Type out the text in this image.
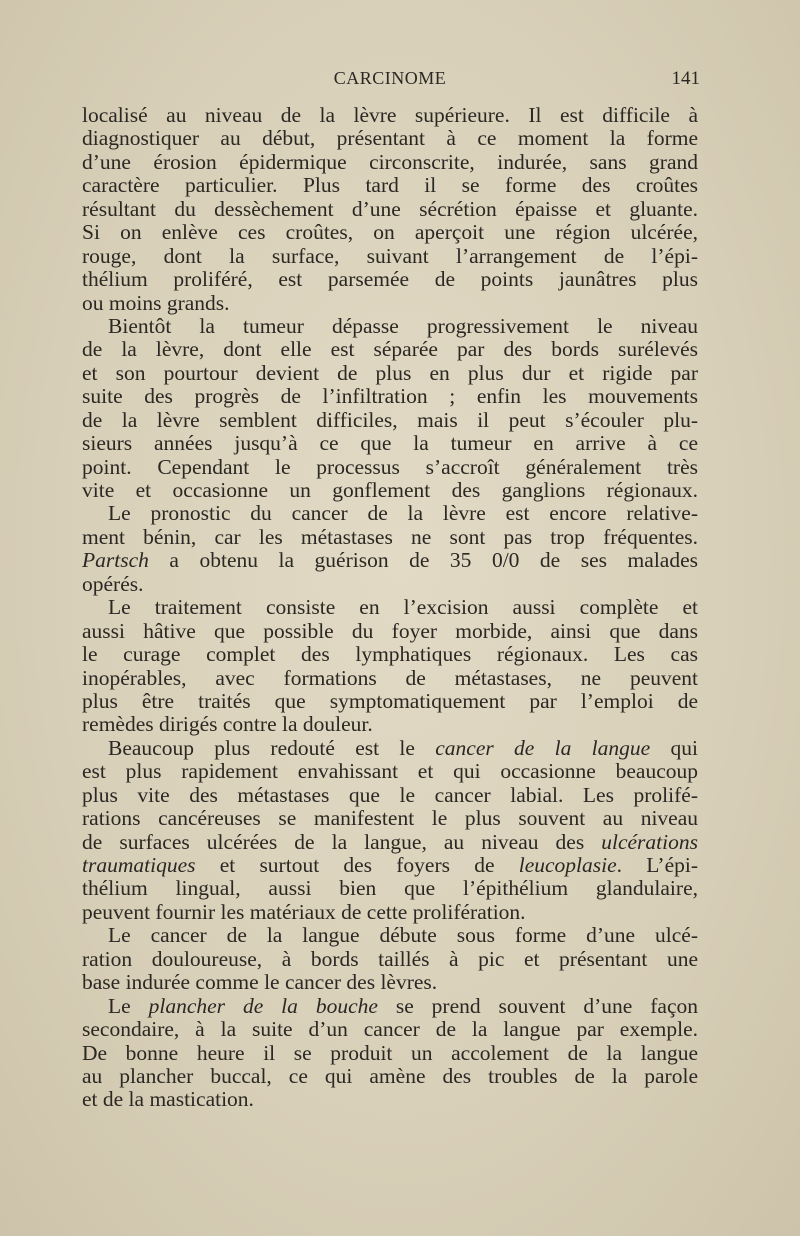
CARCINOME	141
localisé au niveau de la lèvre supérieure. Il est difficile à
diagnostiquer au début, présentant à ce moment la forme
d’une érosion épidermique circonscrite, indurée, sans grand
caractère particulier. Plus tard il se forme des croûtes
résultant du dessèchement d’une sécrétion épaisse et gluante.
Si on enlève ces croûtes, on aperçoit une région ulcérée,
rouge, dont la surface, suivant l’arrangement de l’épi-
thélium proliféré, est parsemée de points jaunâtres plus
ou moins grands.
Bientôt la tumeur dépasse progressivement le niveau
de la lèvre, dont elle est séparée par des bords surélevés
et son pourtour devient de plus en plus dur et rigide par
suite des progrès de l’infiltration ; enfin les mouvements
de la lèvre semblent difficiles, mais il peut s’écouler plu-
sieurs années jusqu’à ce que la tumeur en arrive à ce
point. Cependant le processus s’accroît généralement très
vite et occasionne un gonflement des ganglions régionaux.
Le pronostic du cancer de la lèvre est encore relative-
ment bénin, car les métastases ne sont pas trop fréquentes.
Partsch a obtenu la guérison de 35 0/0 de ses malades
opérés.
Le traitement consiste en l’excision aussi complète et
aussi hâtive que possible du foyer morbide, ainsi que dans
le curage complet des lymphatiques régionaux. Les cas
inopérables, avec formations de métastases, ne peuvent
plus être traités que symptomatiquement par l’emploi de
remèdes dirigés contre la douleur.
Beaucoup plus redouté est le cancer de la langue qui
est plus rapidement envahissant et qui occasionne beaucoup
plus vite des métastases que le cancer labial. Les prolifé-
rations cancéreuses se manifestent le plus souvent au niveau
de surfaces ulcérées de la langue, au niveau des ulcérations
traumatiques et surtout des foyers de leucoplasie. L’épi-
thélium lingual, aussi bien que l’épithélium glandulaire,
peuvent fournir les matériaux de cette prolifération.
Le cancer de la langue débute sous forme d’une ulcé-
ration douloureuse, à bords taillés à pic et présentant une
base indurée comme le cancer des lèvres.
Le plancher de la bouche se prend souvent d’une façon
secondaire, à la suite d’un cancer de la langue par exemple.
De bonne heure il se produit un accolement de la langue
au plancher buccal, ce qui amène des troubles de la parole
et de la mastication.
